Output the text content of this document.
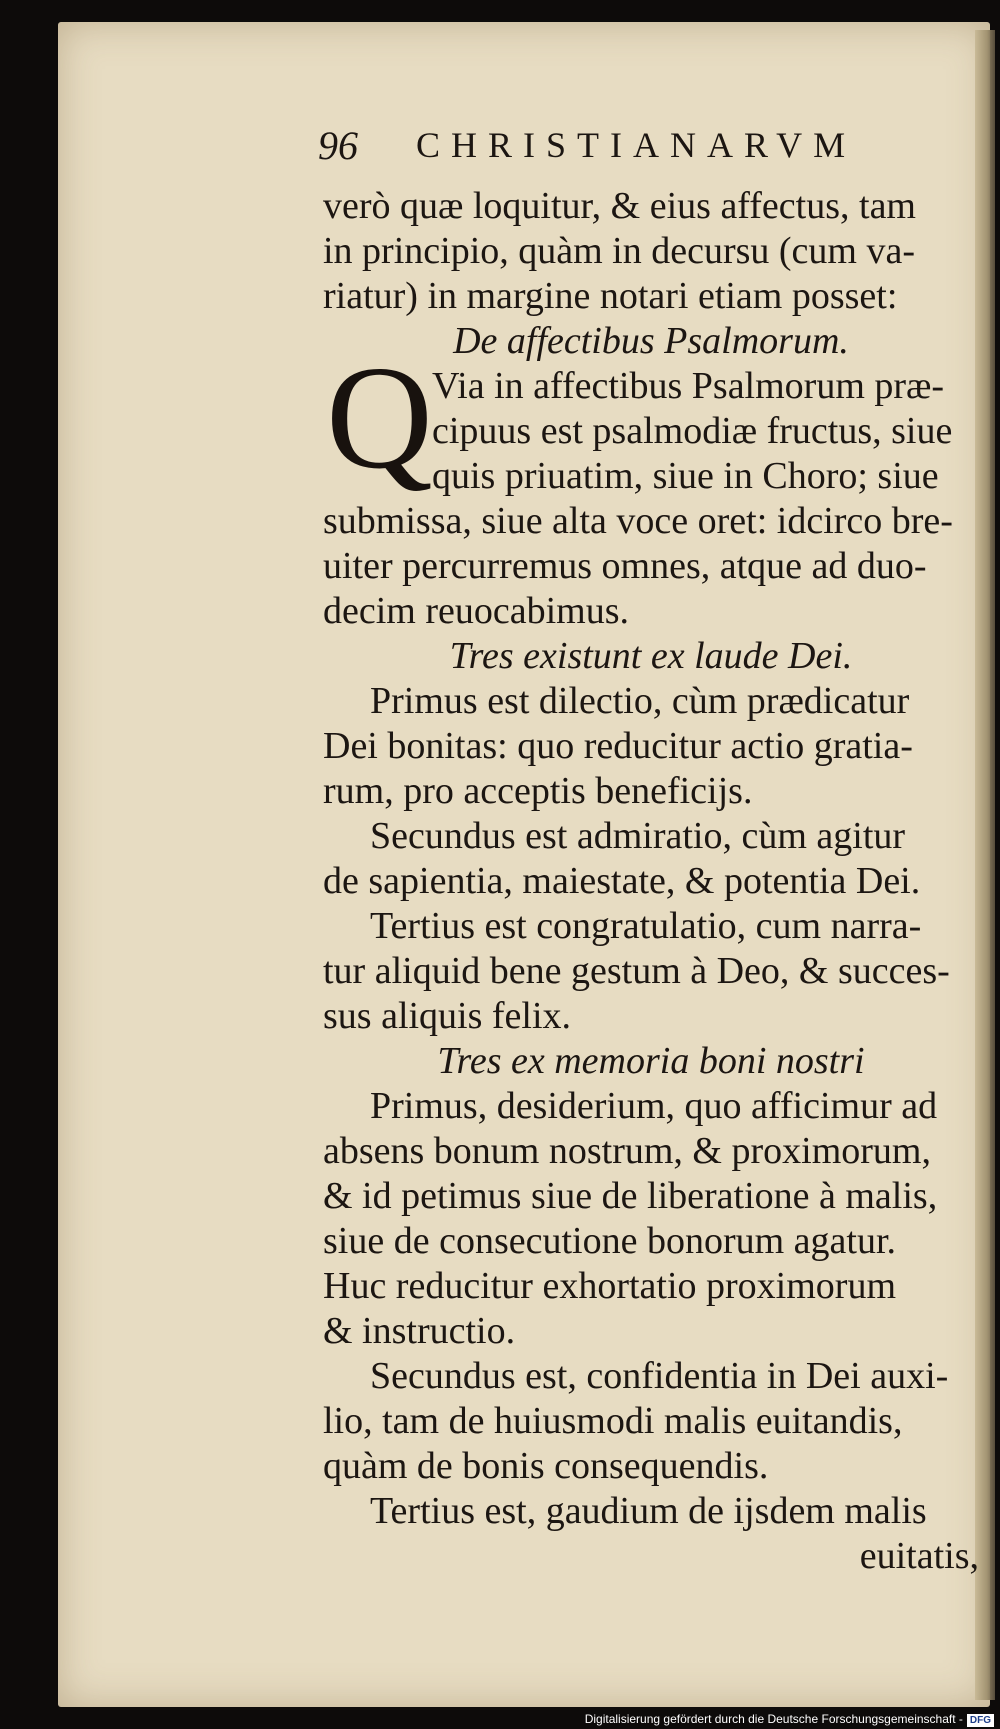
96 CHRISTIANARVM
Q
verò quæ loquitur, & eius affectus, tam
in principio, quàm in decursu (cum va-
riatur) in margine notari etiam posset:
De affectibus Psalmorum.
Via in affectibus Psalmorum præ-
cipuus est psalmodiæ fructus, siue
quis priuatim, siue in Choro; siue
submissa, siue alta voce oret: idcirco bre-
uiter percurremus omnes, atque ad duo-
decim reuocabimus.
Tres existunt ex laude Dei.
Primus est dilectio, cùm prædicatur
Dei bonitas: quo reducitur actio gratia-
rum, pro acceptis beneficijs.
Secundus est admiratio, cùm agitur
de sapientia, maiestate, & potentia Dei.
Tertius est congratulatio, cum narra-
tur aliquid bene gestum à Deo, & succes-
sus aliquis felix.
Tres ex memoria boni nostri
Primus, desiderium, quo afficimur ad
absens bonum nostrum, & proximorum,
& id petimus siue de liberatione à malis,
siue de consecutione bonorum agatur.
Huc reducitur exhortatio proximorum
& instructio.
Secundus est, confidentia in Dei auxi-
lio, tam de huiusmodi malis euitandis,
quàm de bonis consequendis.
Tertius est, gaudium de ijsdem malis
euitatis,
Digitalisierung gefördert durch die Deutsche Forschungsgemeinschaft - DFG
